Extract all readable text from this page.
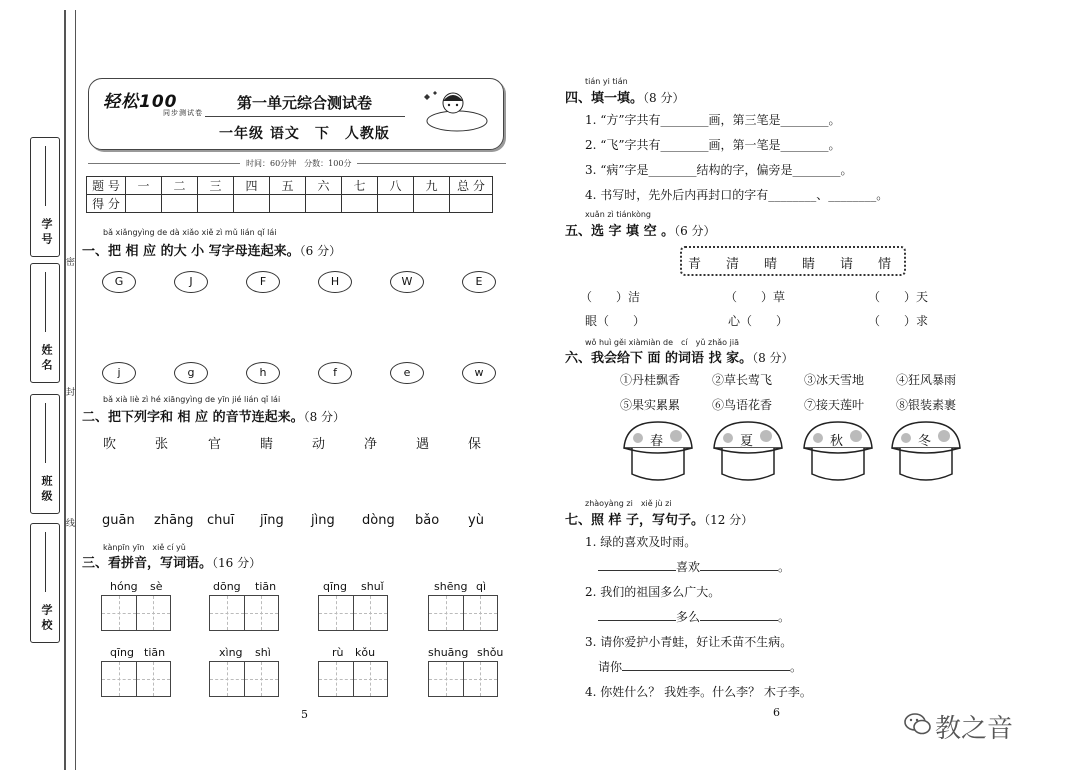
学 号
姓 名
班 级
学 校
密
封
线
轻松100
同步测试卷
第一单元综合测试卷
一年级 语文　下　人教版
时间：60分钟　分数：100分
题 号	一	二	三	四	五	六	七	八	九	总 分
得 分										
bǎ xiǎngyìng de dà xiǎo xiě zì mǔ lián qǐ lái
一、把 相 应 的大 小 写字母连起来。（6 分）
G	J	F	H	W	E
j	g	h	f	e	w
bǎ xià liè zì hé xiāngyìng de yīn jié lián qǐ lái
二、把下列字和 相 应 的音节连起来。（8 分）
吹	张	官	睛	动	净	遇	保
guān zhāng chuī jīng jìng dòng bǎo yù
kànpīn yīn　xiě cí yǔ
三、看拼音，写词语。（16 分）
hóng sè	dōng tiān	qīng shuǐ	shēng qì
qīng tiān	xìng shì	rù kǒu	shuāng shǒu
5
tián yi tián
四、填一填。（8 分）
1. “方”字共有________画，第三笔是________。
2. “飞”字共有________画，第一笔是________。
3. “病”字是________结构的字，偏旁是________。
4. 书写时，先外后内再封口的字有________、________。
xuǎn zì tiánkòng
五、选 字 填 空 。（6 分）
青 清 晴 睛 请 情
（　　）洁	（　　）草	（　　）天
眼（　　）	心（　　）	（　　）求
wǒ huì gěi xiàmiàn de　cí　yǔ zhǎo jiā
六、我会给下 面 的词语 找 家。（8 分）
①丹桂飘香	②草长莺飞	③冰天雪地	④狂风暴雨
⑤果实累累	⑥鸟语花香	⑦接天莲叶	⑧银装素裹
春	夏	秋	冬
zhàoyàng zi　xiě jù zi
七、照 样 子，写句子。（12 分）
1. 绿的喜欢及时雨。
喜欢	。
2. 我们的祖国多么广大。
多么	。
3. 请你爱护小青蛙，好让禾苗不生病。
请你	。
4. 你姓什么？ 我姓李。什么李？ 木子李。
6
教之音
